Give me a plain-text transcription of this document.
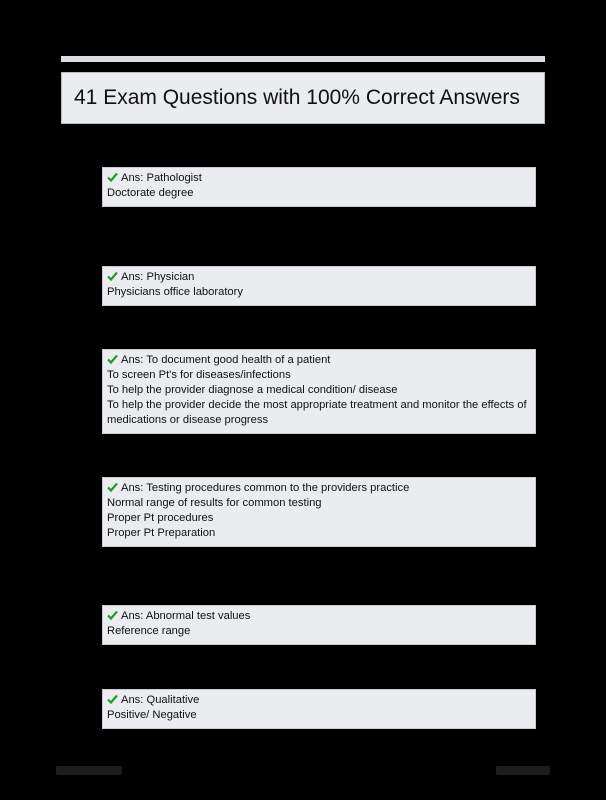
41 Exam Questions with 100% Correct Answers
Ans: Pathologist
Doctorate degree
Ans: Physician
Physicians office laboratory
Ans: To document good health of a patient
To screen Pt's for diseases/infections
To help the provider diagnose a medical condition/ disease
To help the provider decide the most appropriate treatment and monitor the effects of medications or disease progress
Ans: Testing procedures common to the providers practice
Normal range of results for common testing
Proper Pt procedures
Proper Pt Preparation
Ans: Abnormal test values
Reference range
Ans: Qualitative
Positive/ Negative
